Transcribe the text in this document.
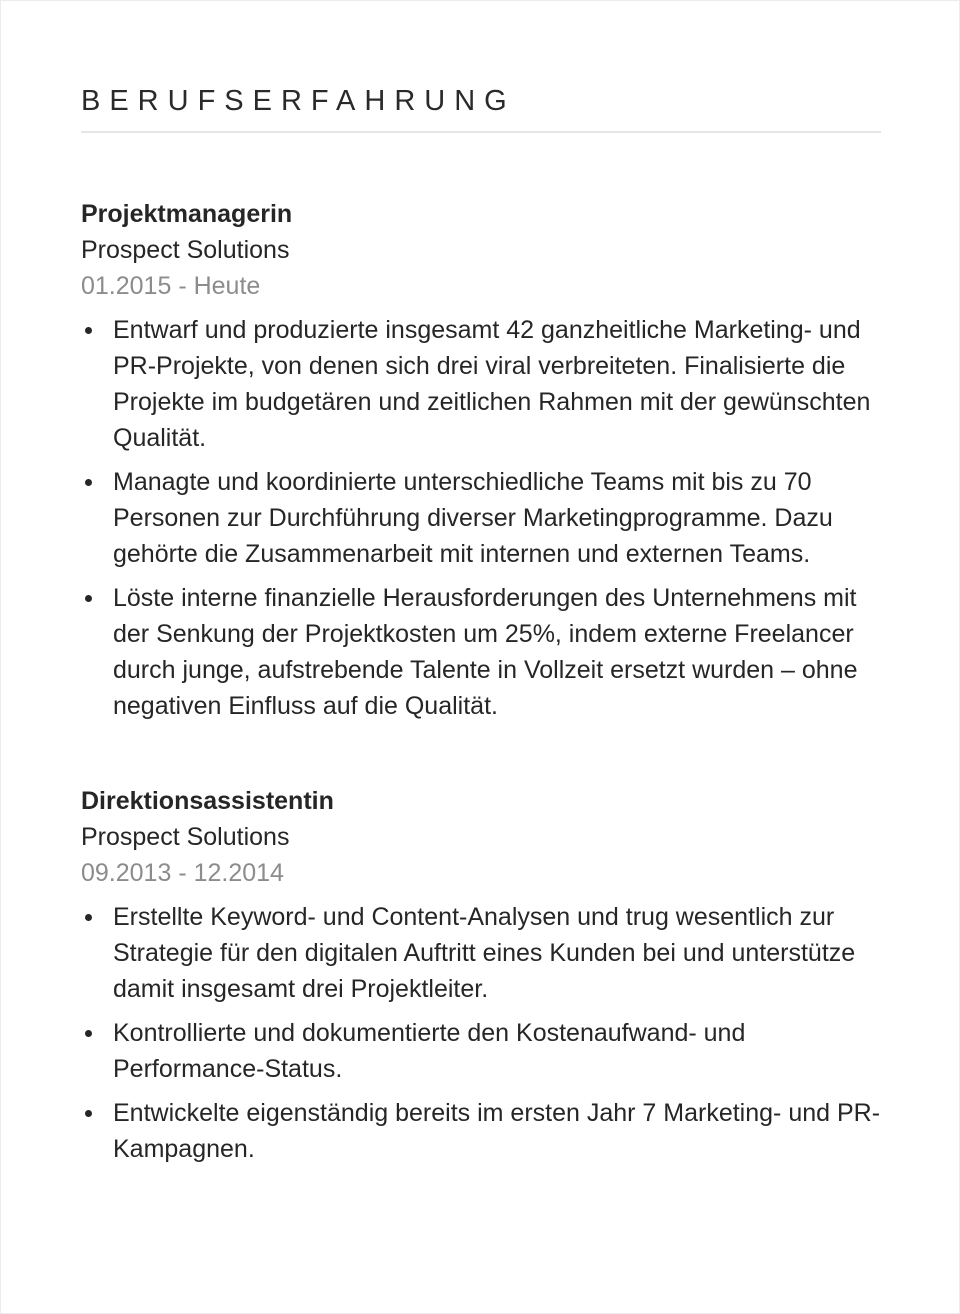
BERUFSERFAHRUNG
Projektmanagerin
Prospect Solutions
01.2015 - Heute
Entwarf und produzierte insgesamt 42 ganzheitliche Marketing- und PR-Projekte, von denen sich drei viral verbreiteten. Finalisierte die Projekte im budgetären und zeitlichen Rahmen mit der gewünschten Qualität.
Managte und koordinierte unterschiedliche Teams mit bis zu 70 Personen zur Durchführung diverser Marketingprogramme. Dazu gehörte die Zusammenarbeit mit internen und externen Teams.
Löste interne finanzielle Herausforderungen des Unternehmens mit der Senkung der Projektkosten um 25%, indem externe Freelancer durch junge, aufstrebende Talente in Vollzeit ersetzt wurden – ohne negativen Einfluss auf die Qualität.
Direktionsassistentin
Prospect Solutions
09.2013 - 12.2014
Erstellte Keyword- und Content-Analysen und trug wesentlich zur Strategie für den digitalen Auftritt eines Kunden bei und unterstütze damit insgesamt drei Projektleiter.
Kontrollierte und dokumentierte den Kostenaufwand- und Performance-Status.
Entwickelte eigenständig bereits im ersten Jahr 7 Marketing- und PR-Kampagnen.
